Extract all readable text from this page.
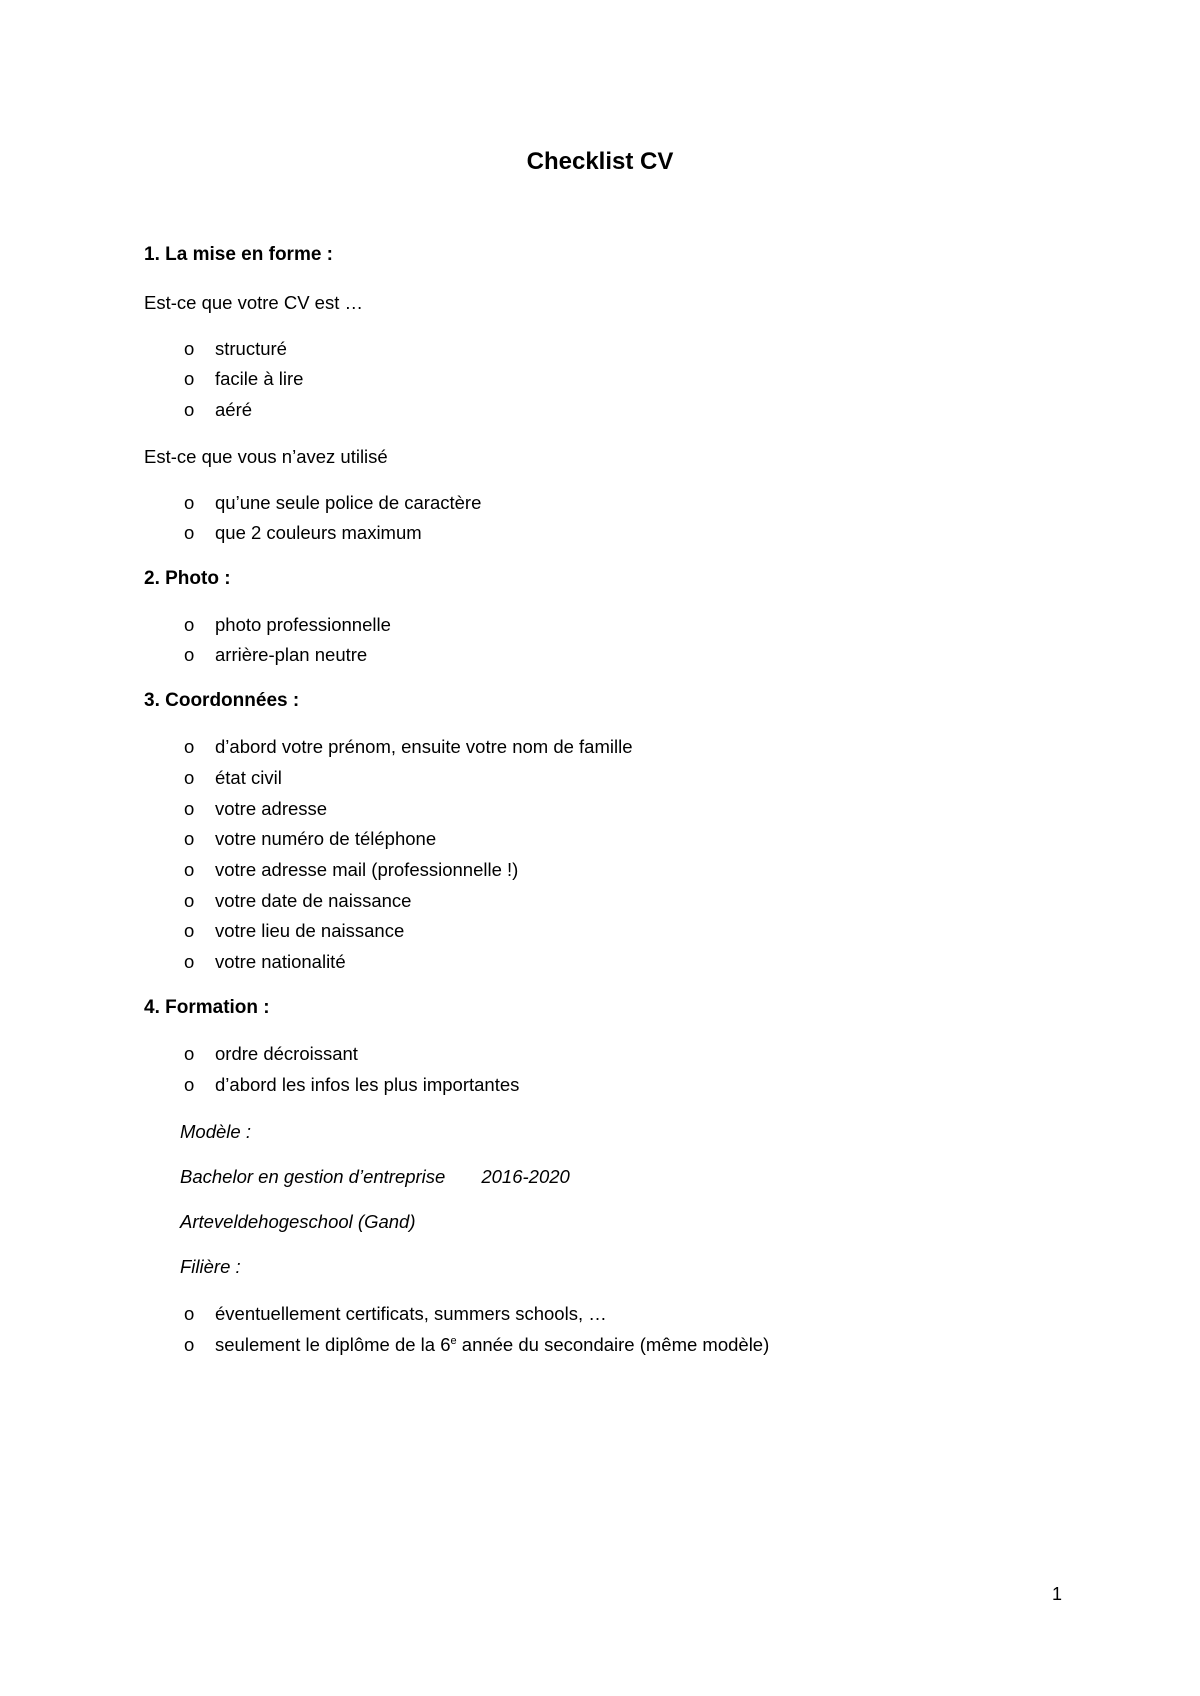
Checklist CV
1. La mise en forme :
Est-ce que votre CV est …
o structuré
o facile à lire
o aéré
Est-ce que vous n’avez utilisé
o qu’une seule police de caractère
o que 2 couleurs maximum
2. Photo :
o photo professionnelle
o arrière-plan neutre
3. Coordonnées :
o d’abord votre prénom, ensuite votre nom de famille
o état civil
o votre adresse
o votre numéro de téléphone
o votre adresse mail (professionnelle !)
o votre date de naissance
o votre lieu de naissance
o votre nationalité
4. Formation :
o ordre décroissant
o d’abord les infos les plus importantes
Modèle :
Bachelor en gestion d’entreprise 2016-2020
Arteveldehogeschool (Gand)
Filière :
o éventuellement certificats, summers schools, …
o seulement le diplôme de la 6e année du secondaire (même modèle)
1
